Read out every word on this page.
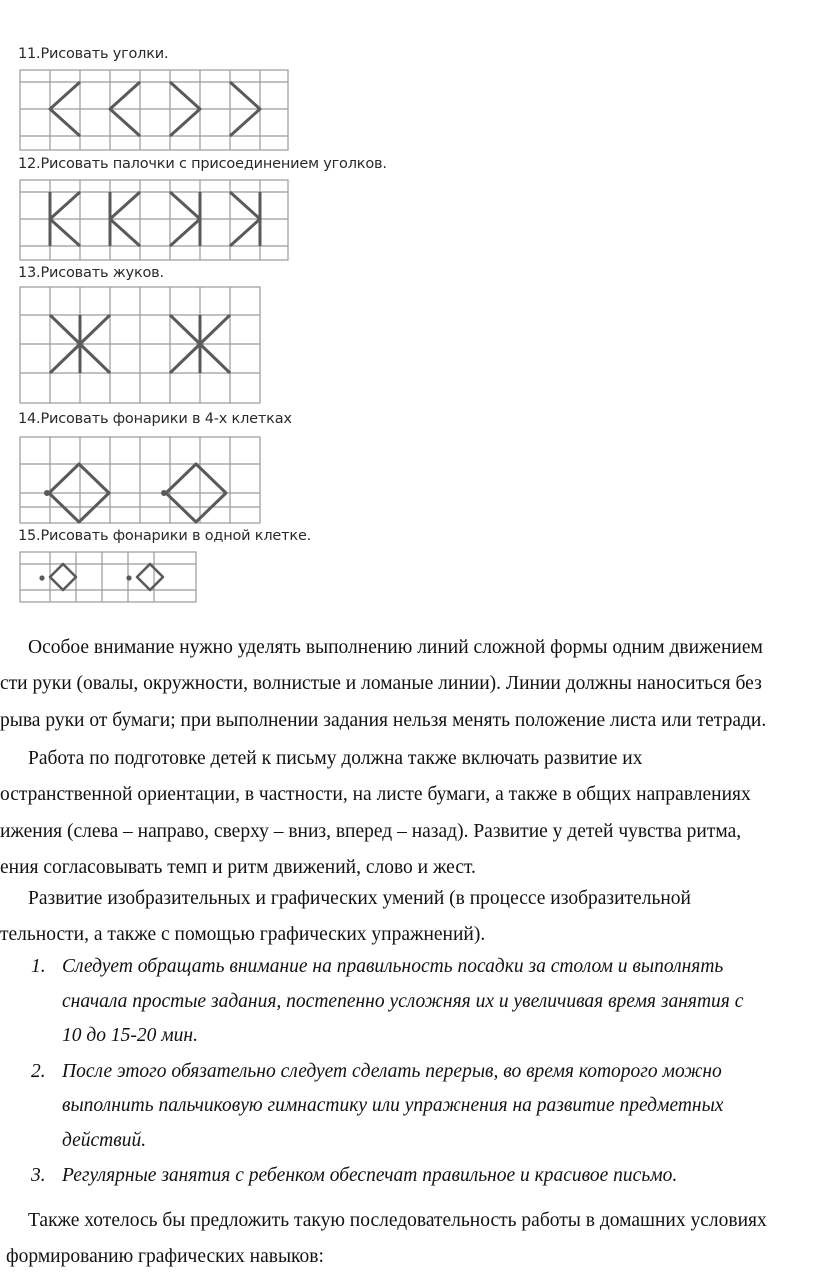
11.Рисовать уголки.
12.Рисовать палочки с присоединением уголков.
13.Рисовать жуков.
14.Рисовать фонарики в 4-х клетках
15.Рисовать фонарики в одной клетке.
Особое внимание нужно уделять выполнению линий сложной формы одним движением
сти руки (овалы, окружности, волнистые и ломаные линии). Линии должны наноситься без
рыва руки от бумаги; при выполнении задания нельзя менять положение листа или тетради.
Работа по подготовке детей к письму должна также включать развитие их
остранственной ориентации, в частности, на листе бумаги, а также в общих направлениях
ижения (слева – направо, сверху – вниз, вперед – назад). Развитие у детей чувства ритма,
ения согласовывать темп и ритм движений, слово и жест.
Развитие изобразительных и графических умений (в процессе изобразительной
тельности, а также с помощью графических упражнений).
1. Следует обращать внимание на правильность посадки за столом и выполнять
сначала простые задания, постепенно усложняя их и увеличивая время занятия с
10 до 15-20 мин.
2. После этого обязательно следует сделать перерыв, во время которого можно
выполнить пальчиковую гимнастику или упражнения на развитие предметных
действий.
3. Регулярные занятия с ребенком обеспечат правильное и красивое письмо.
Также хотелось бы предложить такую последовательность работы в домашних условиях
формированию графических навыков:
